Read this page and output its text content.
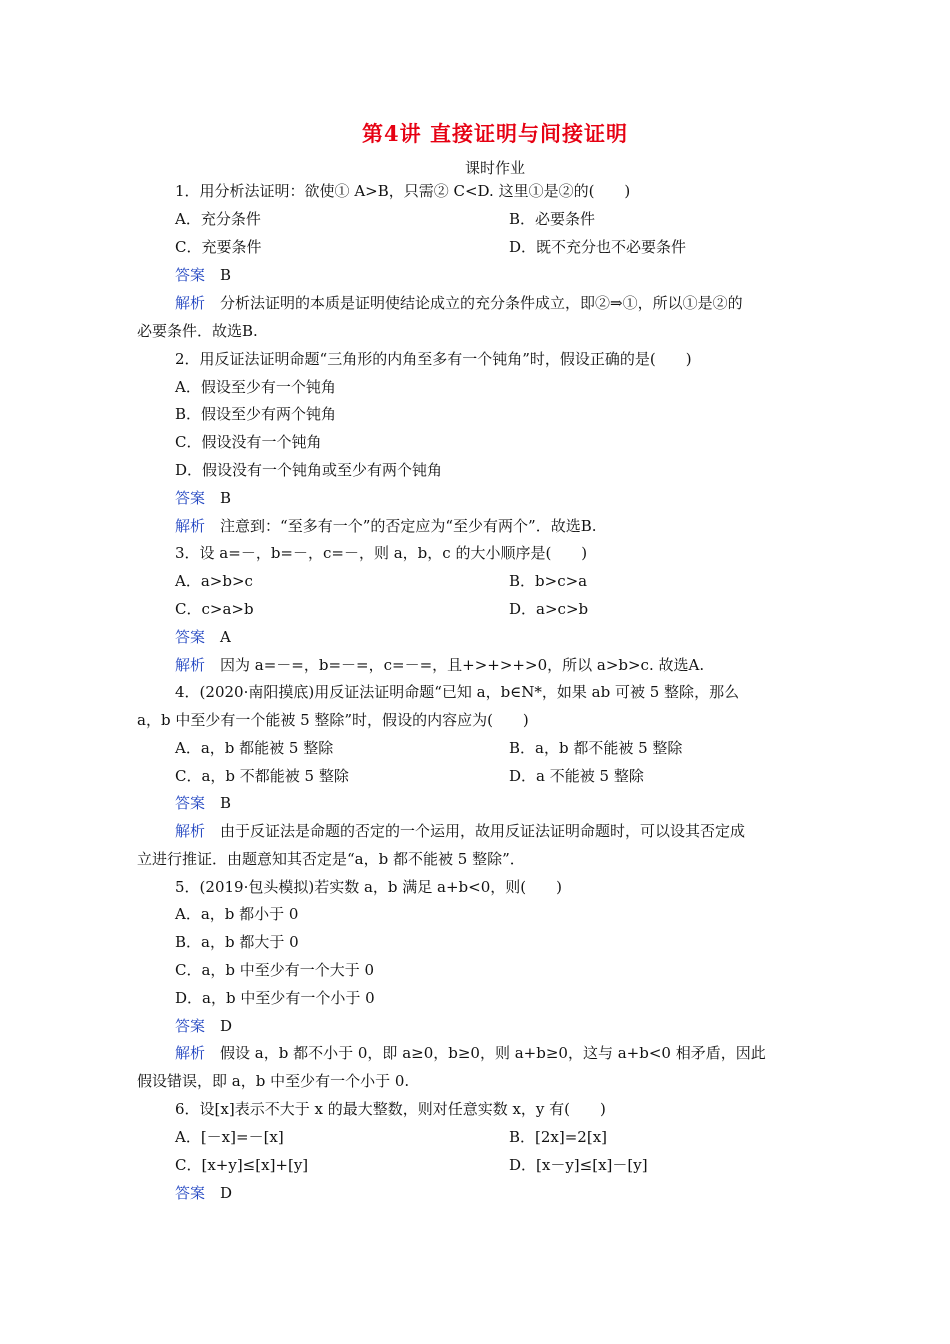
第4讲 直接证明与间接证明
课时作业
1．用分析法证明：欲使① A>B，只需② C<D. 这里①是②的(　　)
A．充分条件	B．必要条件
C．充要条件	D．既不充分也不必要条件
答案　 B
解析　 分析法证明的本质是证明使结论成立的充分条件成立，即②⇒①，所以①是②的
必要条件．故选B.
2．用反证法证明命题“三角形的内角至多有一个钝角”时，假设正确的是(　　)
A．假设至少有一个钝角
B．假设至少有两个钝角
C．假设没有一个钝角
D．假设没有一个钝角或至少有两个钝角
答案　 B
解析　 注意到：“至多有一个”的否定应为“至少有两个”．故选B.
3．设 a=－，b=－，c=－，则 a，b，c 的大小顺序是(　　)
A．a>b>c	B．b>c>a
C．c>a>b	D．a>c>b
答案　 A
解析　 因为 a=－=，b=－=，c=－=，且+>+>+>0，所以 a>b>c. 故选A.
4．(2020·南阳摸底)用反证法证明命题“已知 a，b∈N*，如果 ab 可被 5 整除，那么
a，b 中至少有一个能被 5 整除”时，假设的内容应为(　　)
A．a，b 都能被 5 整除	B．a，b 都不能被 5 整除
C．a，b 不都能被 5 整除	D．a 不能被 5 整除
答案　 B
解析　 由于反证法是命题的否定的一个运用，故用反证法证明命题时，可以设其否定成
立进行推证．由题意知其否定是“a，b 都不能被 5 整除”．
5．(2019·包头模拟)若实数 a，b 满足 a+b<0，则(　　)
A．a，b 都小于 0
B．a，b 都大于 0
C．a，b 中至少有一个大于 0
D．a，b 中至少有一个小于 0
答案　 D
解析　 假设 a，b 都不小于 0，即 a≥0，b≥0，则 a+b≥0，这与 a+b<0 相矛盾，因此
假设错误，即 a，b 中至少有一个小于 0.
6．设[x]表示不大于 x 的最大整数，则对任意实数 x，y 有(　　)
A．[－x]=－[x]	B．[2x]=2[x]
C．[x+y]≤[x]+[y]	D．[x－y]≤[x]－[y]
答案　 D
